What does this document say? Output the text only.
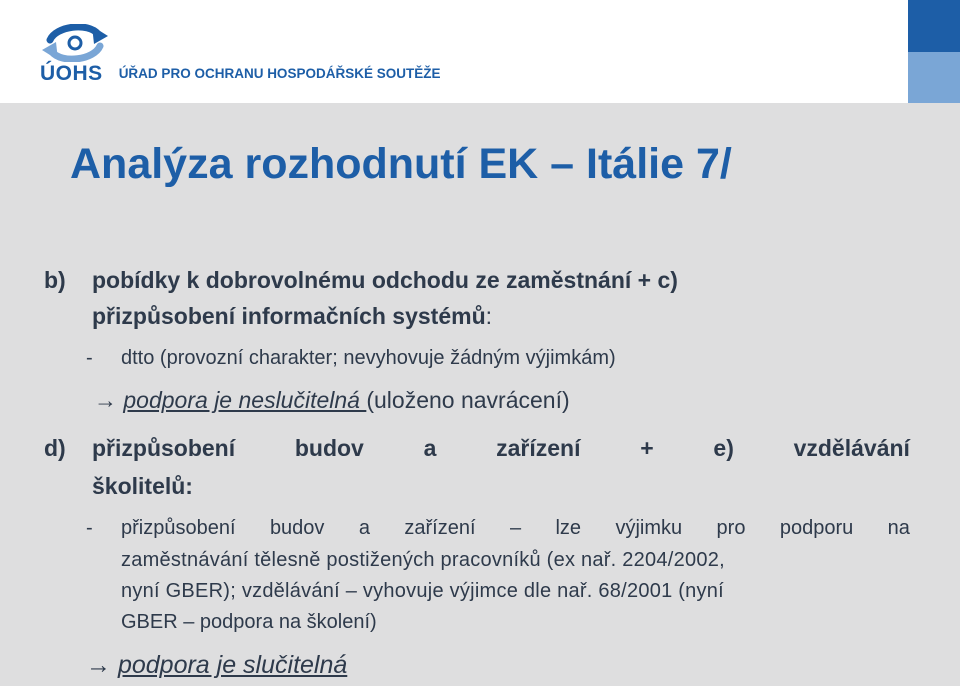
ÚOHS ÚŘAD PRO OCHRANU HOSPODÁŘSKÉ SOUTĚŽE
Analýza rozhodnutí EK – Itálie 7/
b) pobídky k dobrovolnému odchodu ze zaměstnání + c)
přizpůsobení informačních systémů:
- dtto (provozní charakter; nevyhovuje žádným výjimkám)
→ podpora je neslučitelná (uloženo navrácení)
d) přizpůsobení	budov	a	zařízení	+	e)	vzdělávání
školitelů:
- přizpůsobení budov a zařízení – lze výjimku pro podporu na
zaměstnávání tělesně postižených pracovníků (ex nař. 2204/2002,
nyní GBER); vzdělávání – vyhovuje výjimce dle nař. 68/2001 (nyní
GBER – podpora na školení)
→ podpora je slučitelná
